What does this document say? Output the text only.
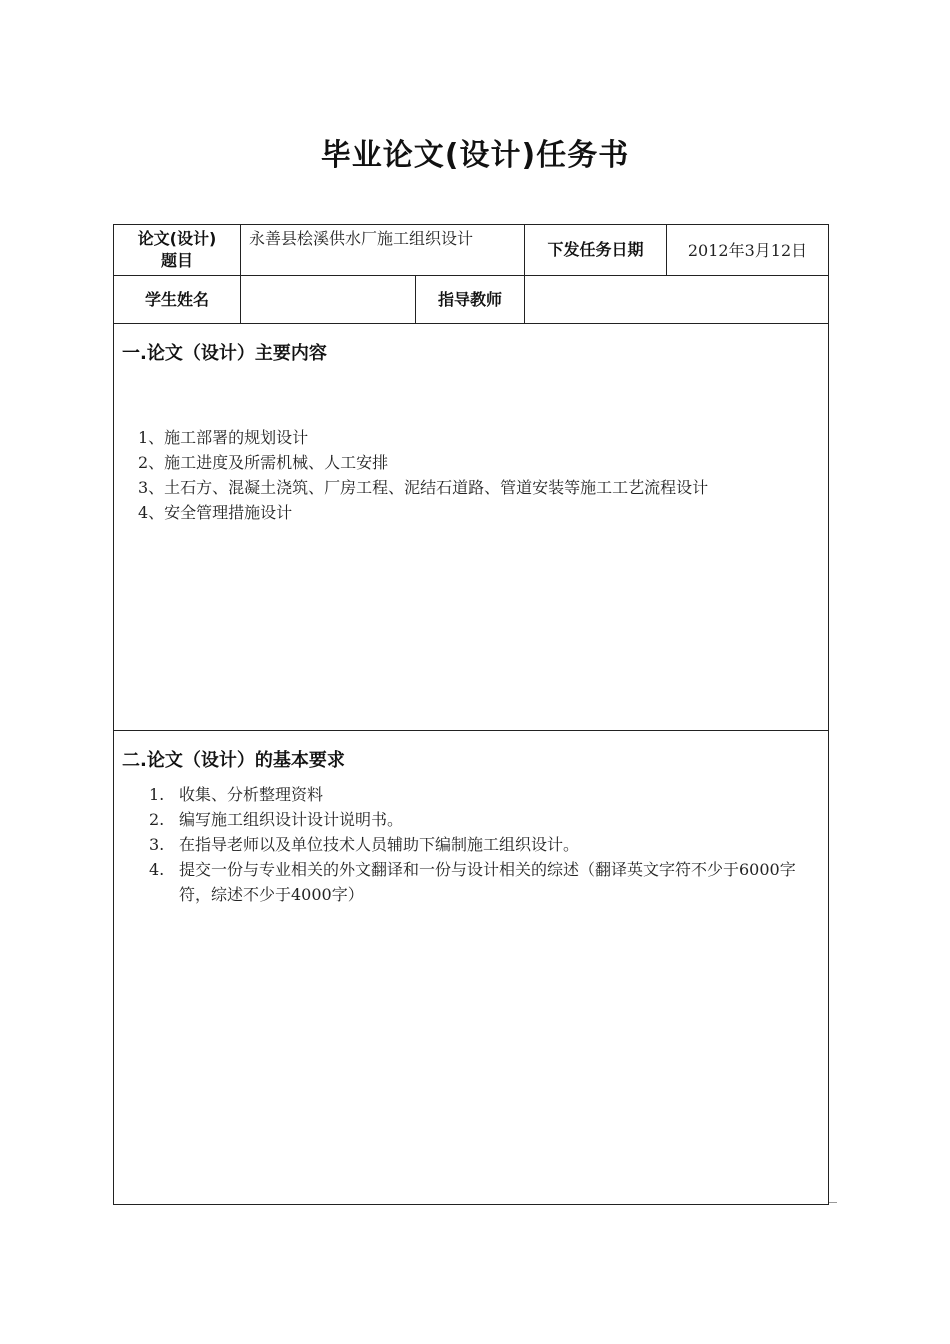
毕业论文(设计)任务书
论文(设计)题目
永善县桧溪供水厂施工组织设计
下发任务日期	2012年3月12日
学生姓名	指导教师
一.论文（设计）主要内容
1、施工部署的规划设计
2、施工进度及所需机械、人工安排
3、土石方、混凝土浇筑、厂房工程、泥结石道路、管道安装等施工工艺流程设计
4、安全管理措施设计
二.论文（设计）的基本要求
1. 收集、分析整理资料
2. 编写施工组织设计设计说明书。
3. 在指导老师以及单位技术人员辅助下编制施工组织设计。
4. 提交一份与专业相关的外文翻译和一份与设计相关的综述（翻译英文字符不少于6000字符，综述不少于4000字）
